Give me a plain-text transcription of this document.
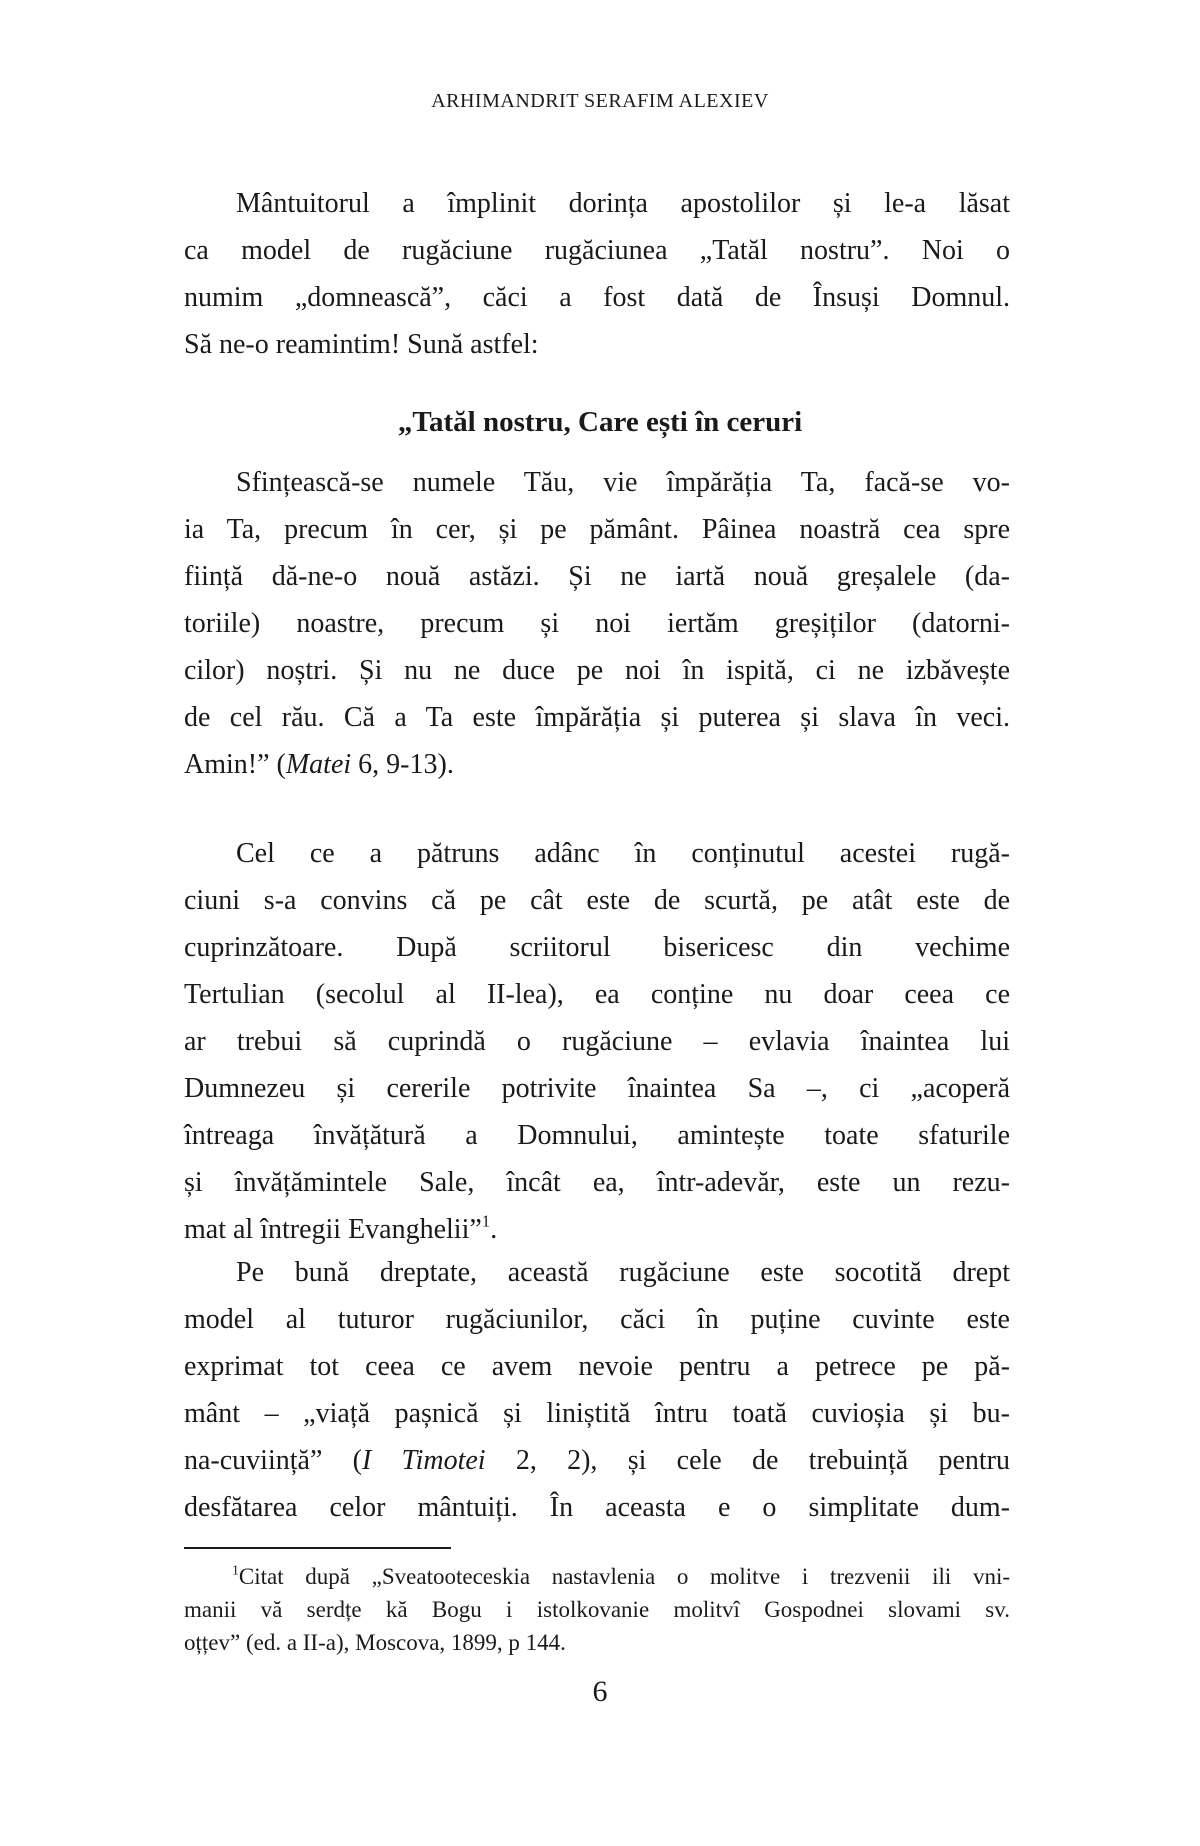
ARHIMANDRIT SERAFIM ALEXIEV
Mântuitorul a împlinit dorința apostolilor și le-a lăsat
ca model de rugăciune rugăciunea „Tatăl nostru”. Noi o
numim „domnească”, căci a fost dată de Însuși Domnul.
Să ne-o reamintim! Sună astfel:
„Tatăl nostru, Care ești în ceruri
Sfințească-se numele Tău, vie împărăția Ta, facă-se vo-
ia Ta, precum în cer, și pe pământ. Pâinea noastră cea spre
ființă dă-ne-o nouă astăzi. Și ne iartă nouă greșalele (da-
toriile) noastre, precum și noi iertăm greșiților (datorni-
cilor) noștri. Și nu ne duce pe noi în ispită, ci ne izbăvește
de cel rău. Că a Ta este împărăția și puterea și slava în veci.
Amin!” (Matei 6, 9-13).
Cel ce a pătruns adânc în conținutul acestei rugă-
ciuni s-a convins că pe cât este de scurtă, pe atât este de
cuprinzătoare. După scriitorul bisericesc din vechime
Tertulian (secolul al II-lea), ea conține nu doar ceea ce
ar trebui să cuprindă o rugăciune – evlavia înaintea lui
Dumnezeu și cererile potrivite înaintea Sa –, ci „acoperă
întreaga învățătură a Domnului, amintește toate sfaturile
și învățămintele Sale, încât ea, într-adevăr, este un rezu-
mat al întregii Evanghelii”$^1$.
Pe bună dreptate, această rugăciune este socotită drept
model al tuturor rugăciunilor, căci în puține cuvinte este
exprimat tot ceea ce avem nevoie pentru a petrece pe pă-
mânt – „viață pașnică și liniștită întru toată cuvioșia și bu-
na-cuviință” (I Timotei 2, 2), și cele de trebuință pentru
desfătarea celor mântuiți. În aceasta e o simplitate dum-
$^1$Citat după „Sveatooteceskia nastavlenia o molitve i trezvenii ili vni-
manii vă serdțe kă Bogu i istolkovanie molitvî Gospodnei slovami sv.
oțțev” (ed. a II-a), Moscova, 1899, p 144.
6
